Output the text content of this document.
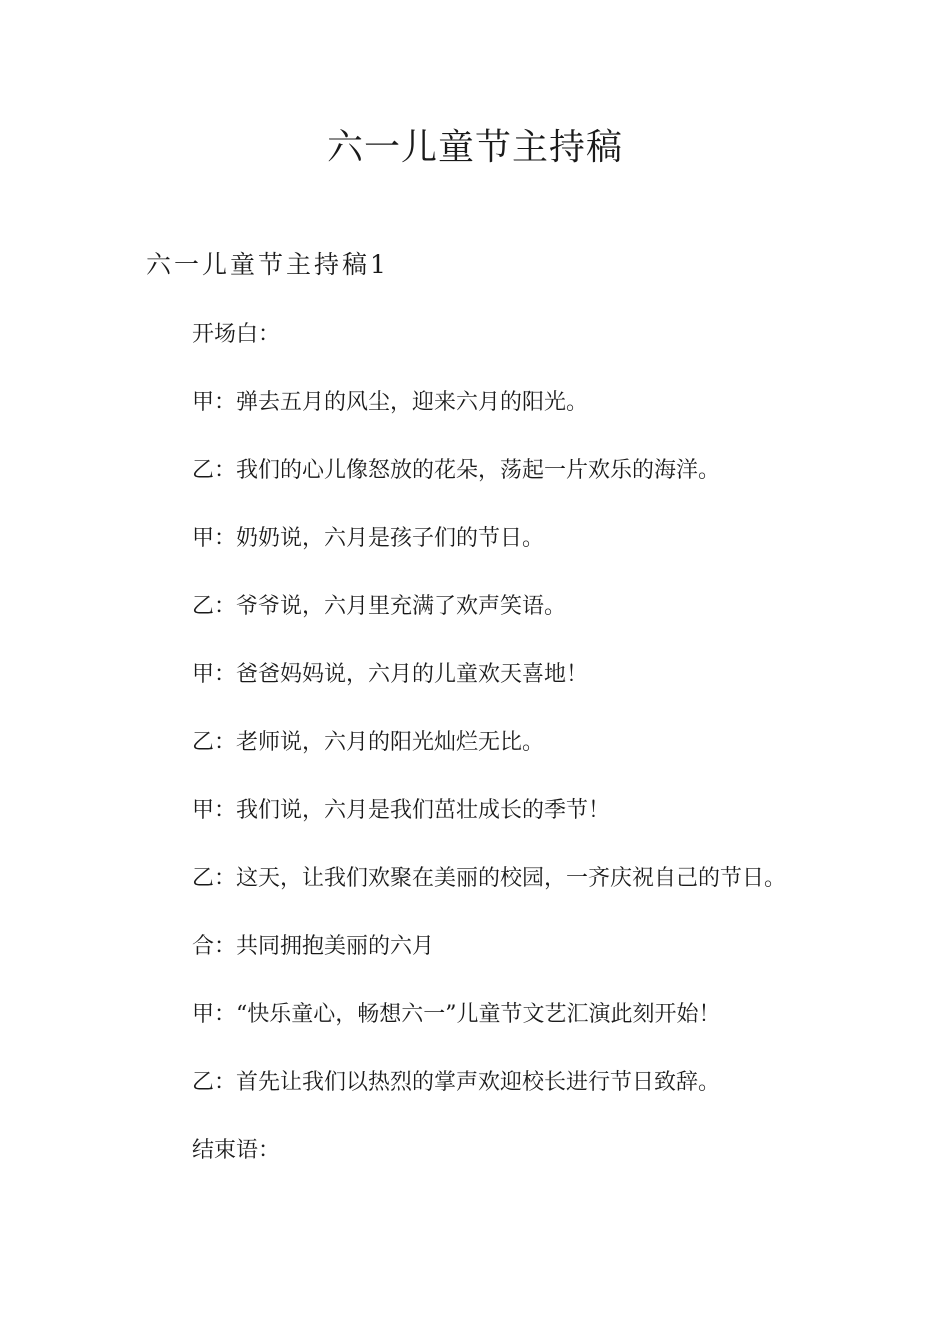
六一儿童节主持稿
六一儿童节主持稿1

开场白：

甲：弹去五月的风尘，迎来六月的阳光。

乙：我们的心儿像怒放的花朵，荡起一片欢乐的海洋。

甲：奶奶说，六月是孩子们的节日。

乙：爷爷说，六月里充满了欢声笑语。

甲：爸爸妈妈说，六月的儿童欢天喜地！

乙：老师说，六月的阳光灿烂无比。

甲：我们说，六月是我们茁壮成长的季节！

乙：这天，让我们欢聚在美丽的校园，一齐庆祝自己的节日。

合：共同拥抱美丽的六月

甲：“快乐童心，畅想六一”儿童节文艺汇演此刻开始！

乙：首先让我们以热烈的掌声欢迎校长进行节日致辞。

结束语：
